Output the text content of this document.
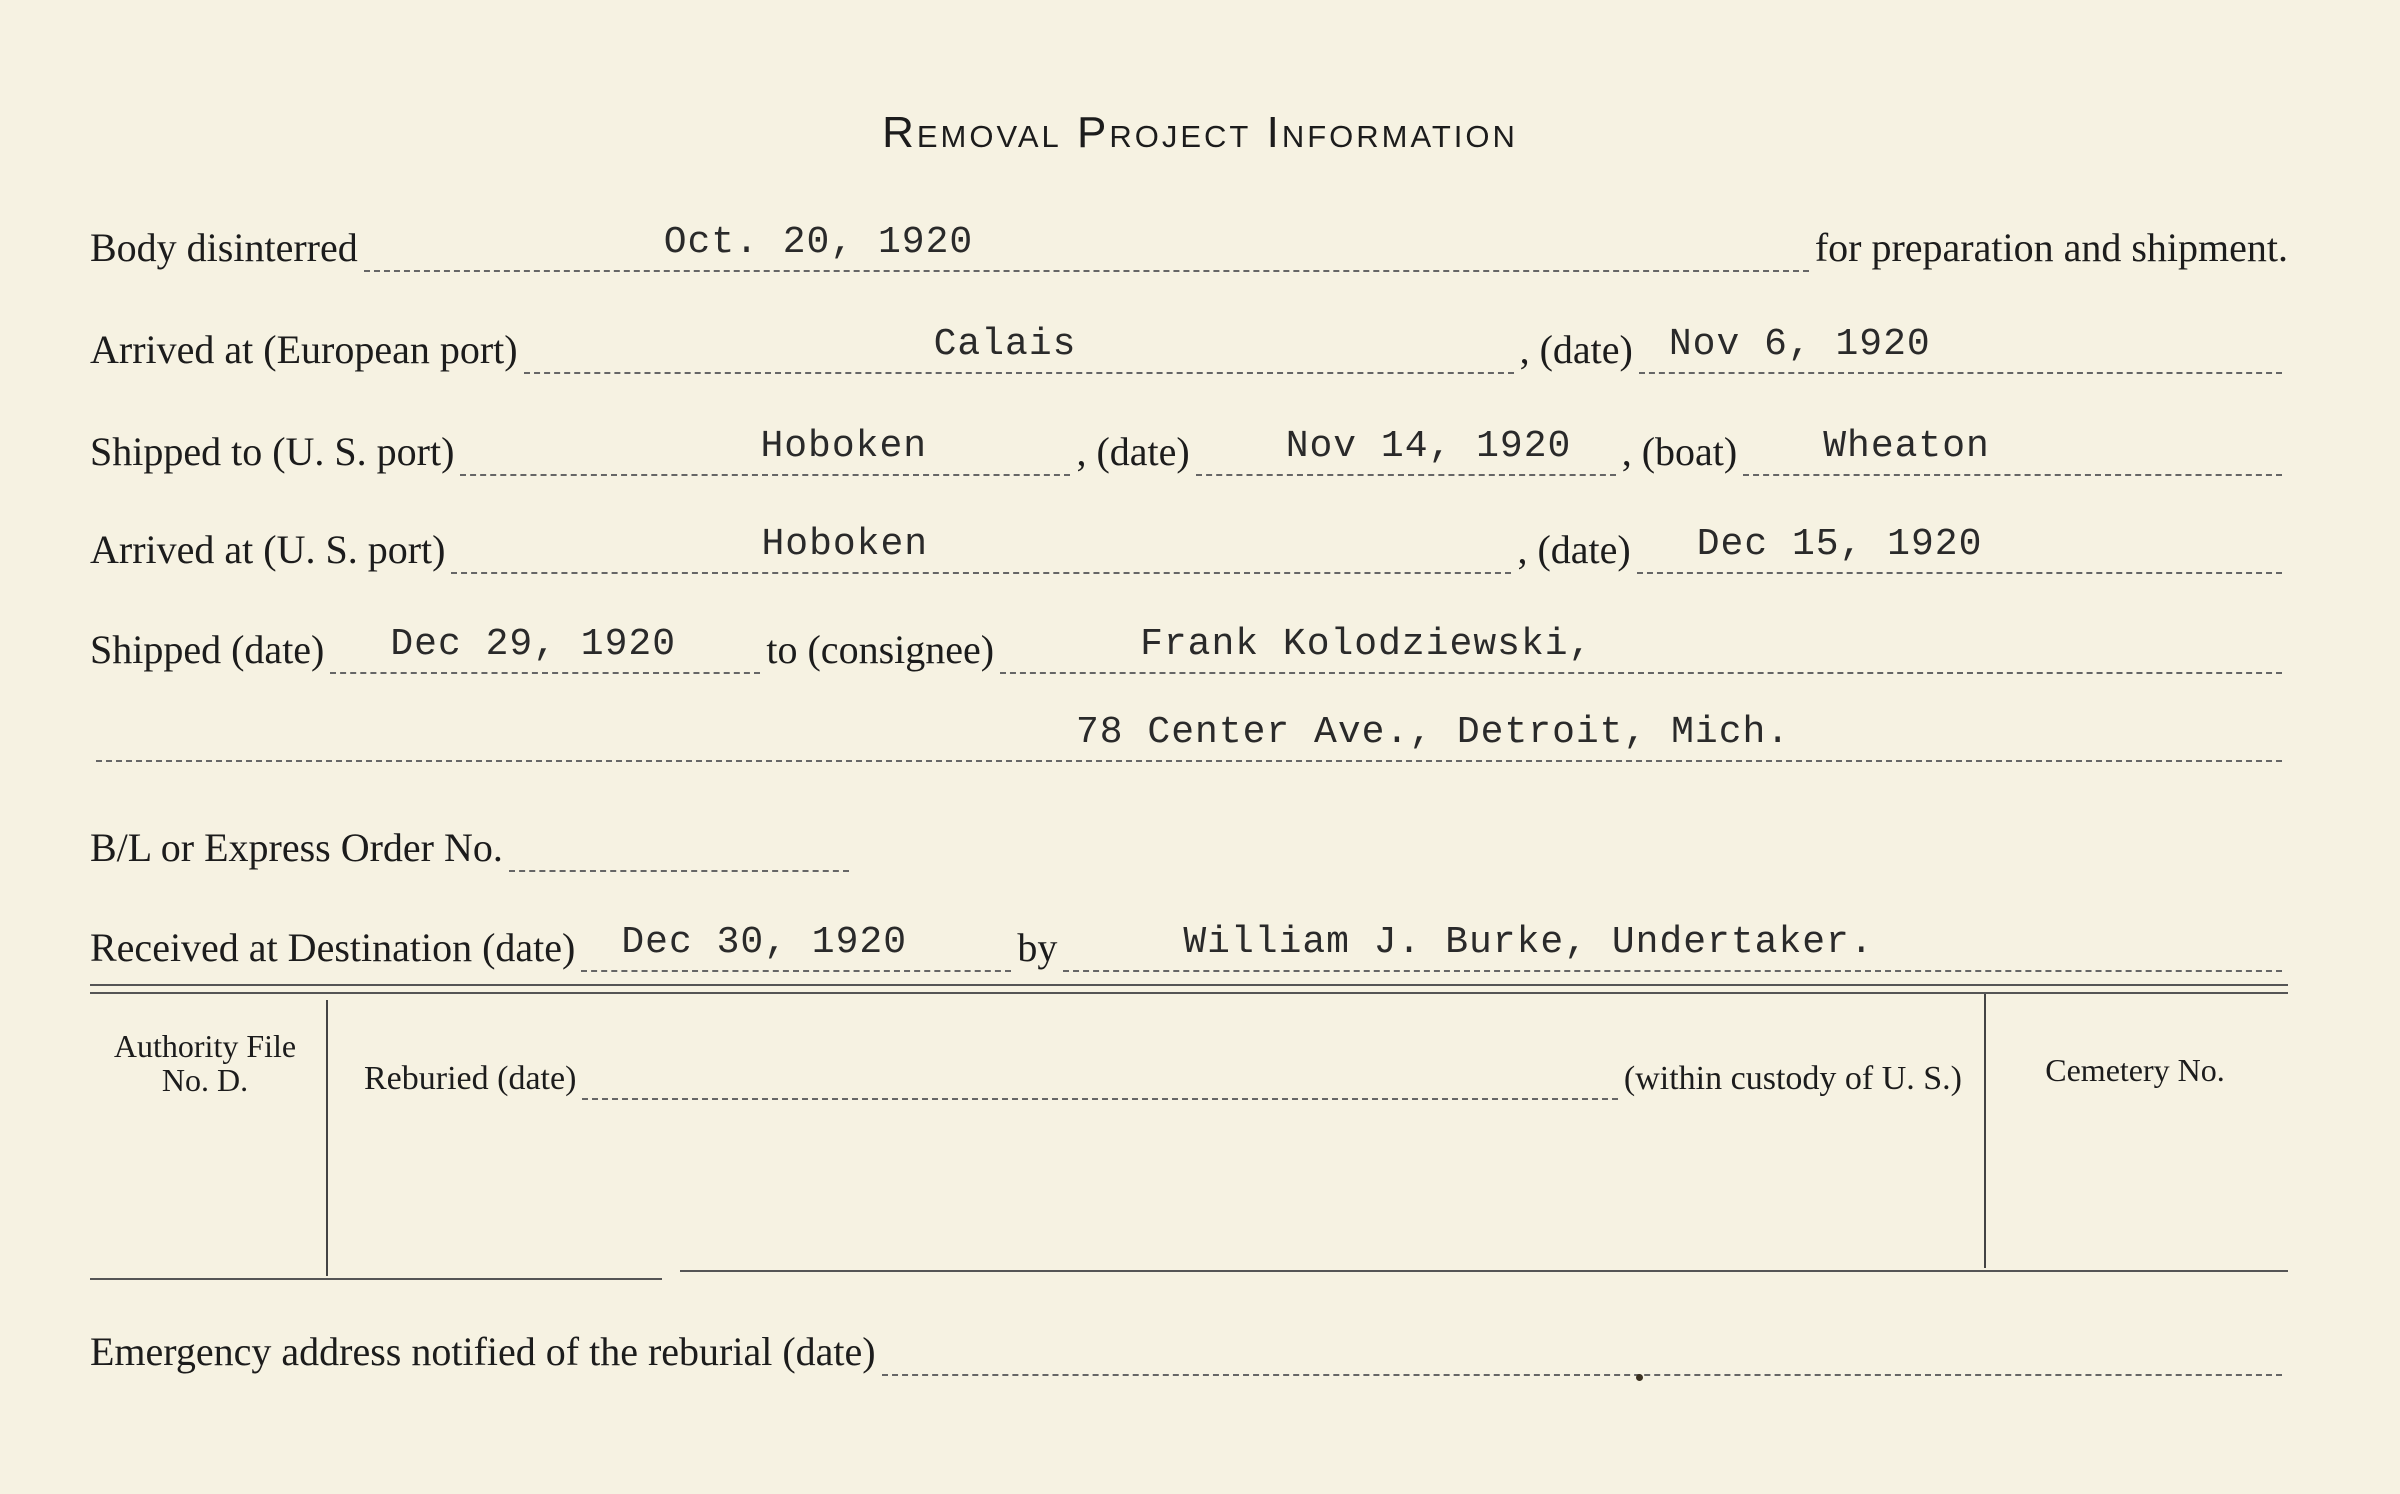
Removal Project Information
Body disinterred	Oct. 20, 1920	for preparation and shipment.
Arrived at (European port)	Calais	, (date) Nov 6, 1920
Shipped to (U. S. port)	Hoboken	, (date)	Nov 14, 1920 , (boat) Wheaton
Arrived at (U. S. port)	Hoboken	, (date) Dec 15, 1920
Shipped (date) Dec 29, 1920 to (consignee)	Frank Kolodziewski,
78 Center Ave., Detroit, Mich.
B/L or Express Order No.
Received at Destination (date) Dec 30, 1920	by	William J. Burke, Undertaker.
Authority File No. D.	Reburied (date)	(within custody of U. S.)	Cemetery No.
Emergency address notified of the reburial (date)
